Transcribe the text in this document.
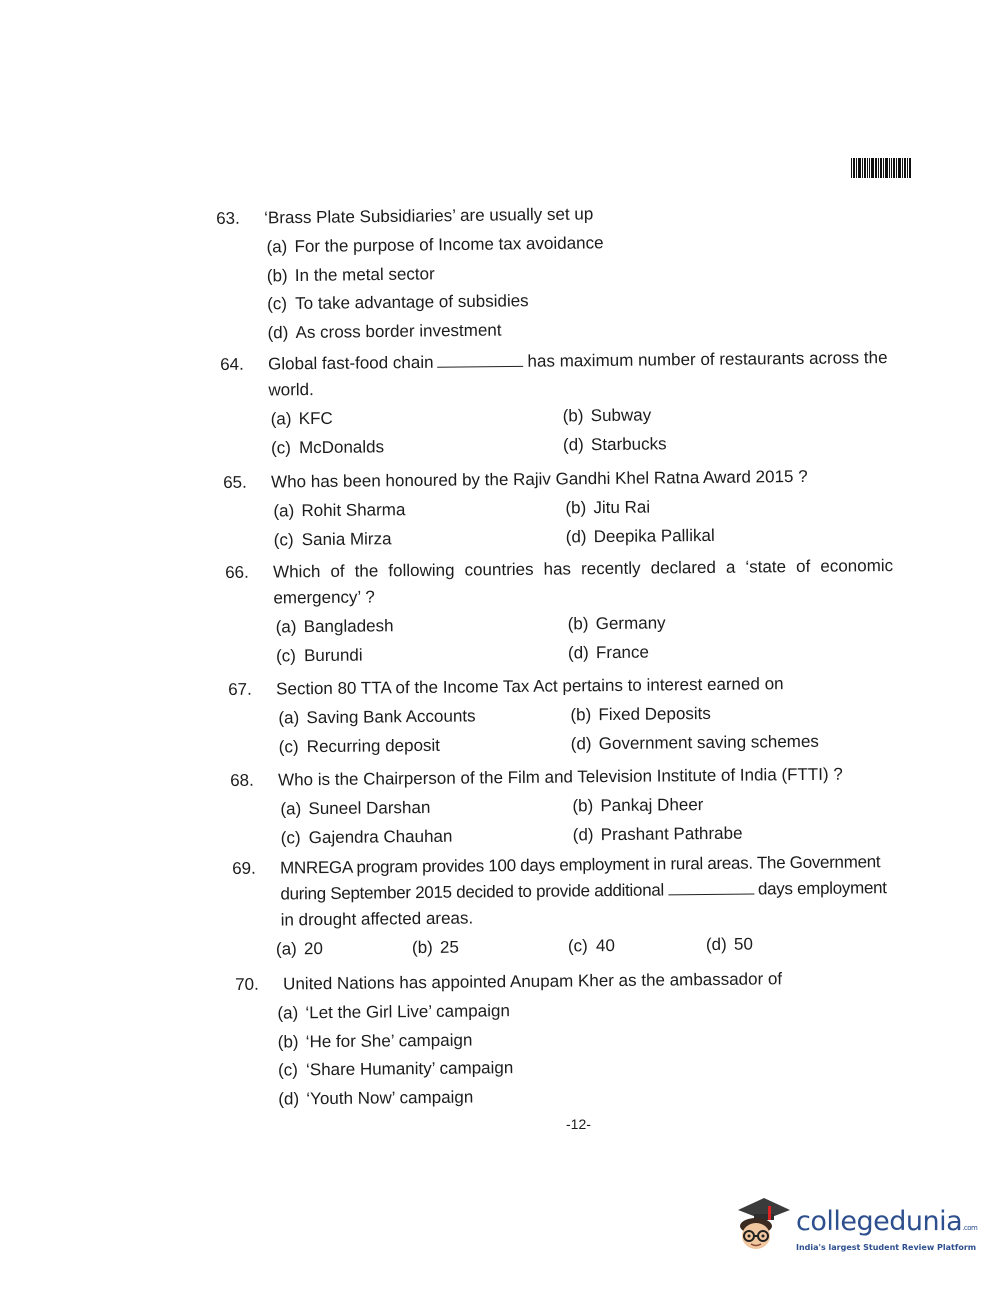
63.	‘Brass Plate Subsidiaries’ are usually set up
(a) For the purpose of Income tax avoidance
(b) In the metal sector
(c) To take advantage of subsidies
(d) As cross border investment
64.	Global fast-food chain	has maximum number of restaurants across the
world.
(a) KFC	(b) Subway
(c) McDonalds	(d) Starbucks
65.	Who has been honoured by the Rajiv Gandhi Khel Ratna Award 2015 ?
(a) Rohit Sharma	(b) Jitu Rai
(c) Sania Mirza	(d) Deepika Pallikal
66.	Which of the following countries has recently declared a ‘state of economic
emergency’ ?
(a) Bangladesh	(b) Germany
(c) Burundi	(d) France
67.	Section 80 TTA of the Income Tax Act pertains to interest earned on
(a) Saving Bank Accounts	(b) Fixed Deposits
(c) Recurring deposit	(d) Government saving schemes
68.	Who is the Chairperson of the Film and Television Institute of India (FTTI) ?
(a) Suneel Darshan	(b) Pankaj Dheer
(c) Gajendra Chauhan	(d) Prashant Pathrabe
69.	MNREGA program provides 100 days employment in rural areas. The Government
during September 2015 decided to provide additional	days employment
in drought affected areas.
(a) 20	(b) 25	(c) 40	(d) 50
70.	United Nations has appointed Anupam Kher as the ambassador of
(a) ‘Let the Girl Live’ campaign
(b) ‘He for She’ campaign
(c) ‘Share Humanity’ campaign
(d) ‘Youth Now’ campaign
-12-
collegedunia.com
India's largest Student Review Platform
